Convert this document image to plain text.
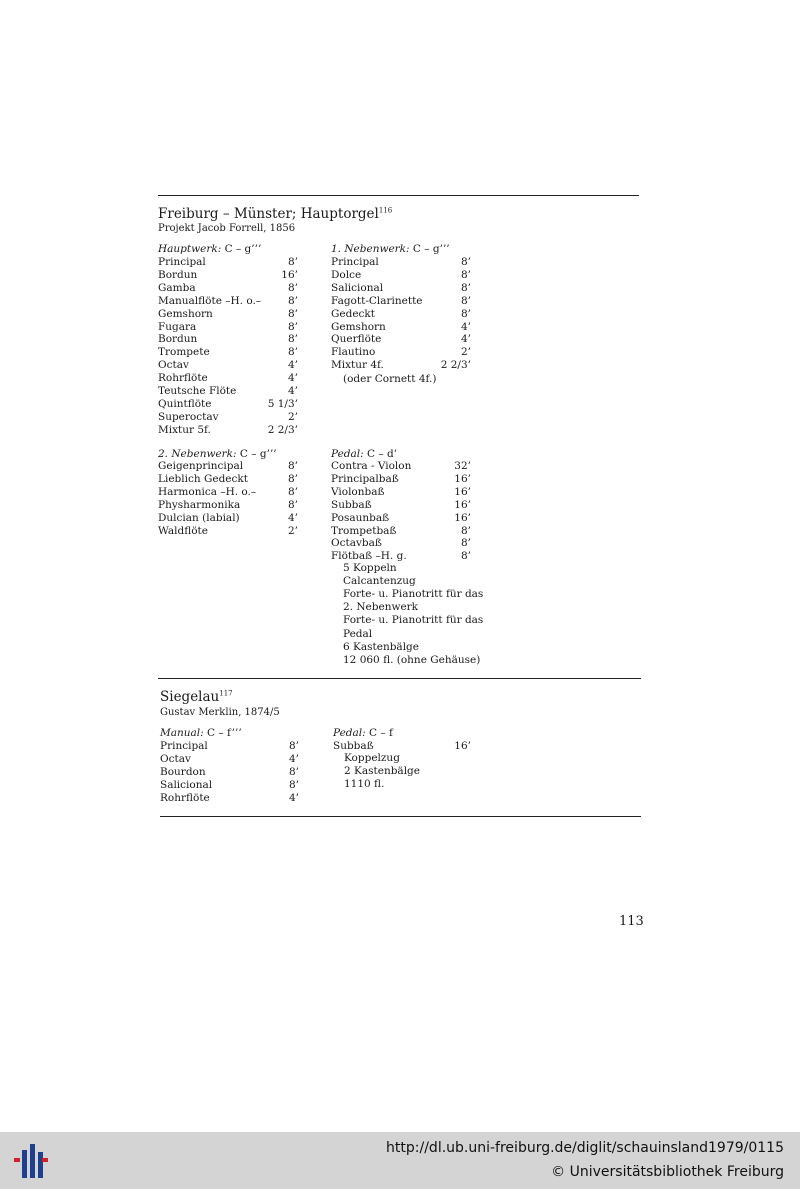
Freiburg – Münster; Hauptorgel$^{116}$
Projekt Jacob Forrell, 1856
Hauptwerk: C – g’’’
Principal	8’
Bordun	16’
Gamba	8’
Manualflöte –H. o.–	8’
Gemshorn	8’
Fugara	8’
Bordun	8’
Trompete	8’
Octav	4’
Rohrflöte	4’
Teutsche Flöte	4’
Quintflöte	5 1/3’
Superoctav	2’
Mixtur 5f.	2 2/3’
1. Nebenwerk: C – g’’’
Principal	8’
Dolce	8’
Salicional	8’
Fagott-Clarinette	8’
Gedeckt	8’
Gemshorn	4’
Querflöte	4’
Flautino	2’
Mixtur 4f.	2 2/3’
(oder Cornett 4f.)
2. Nebenwerk: C – g’’’
Geigenprincipal	8’
Lieblich Gedeckt	8’
Harmonica –H. o.–	8’
Physharmonika	8’
Dulcian (labial)	4’
Waldflöte	2’
Pedal: C – d’
Contra - Violon	32’
Principalbaß	16’
Violonbaß	16’
Subbaß	16’
Posaunbaß	16’
Trompetbaß	8’
Octavbaß	8’
Flötbaß –H. g.	8’
5 Koppeln
Calcantenzug
Forte- u. Pianotritt für das
2. Nebenwerk
Forte- u. Pianotritt für das
Pedal
6 Kastenbälge
12 060 fl. (ohne Gehäuse)
Siegelau$^{117}$
Gustav Merklin, 1874/5
Manual: C – f’’’
Principal	8’
Octav	4’
Bourdon	8’
Salicional	8’
Rohrflöte	4’
Pedal: C – f
Subbaß	16’
Koppelzug
2 Kastenbälge
1110 fl.
113
http://dl.ub.uni-freiburg.de/diglit/schauinsland1979/0115
© Universitätsbibliothek Freiburg
